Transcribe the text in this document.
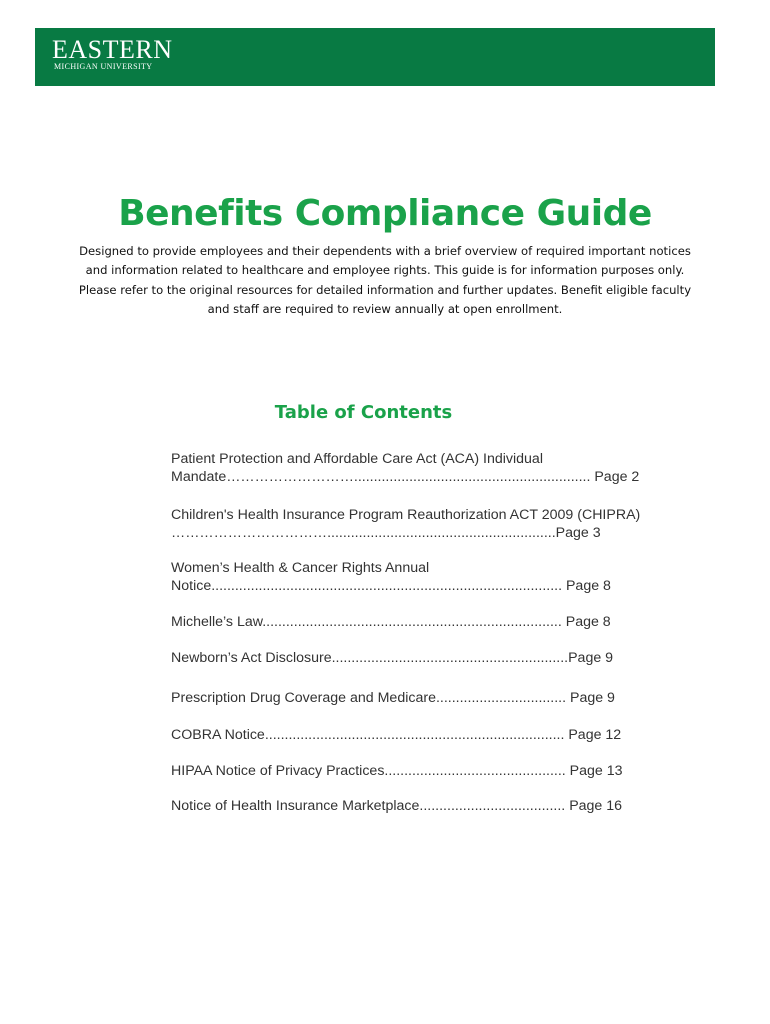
EASTERN
MICHIGAN UNIVERSITY
Benefits Compliance Guide

Designed to provide employees and their dependents with a brief overview of required important notices
and information related to healthcare and employee rights. This guide is for information purposes only.
Please refer to the original resources for detailed information and further updates. Benefit eligible faculty
and staff are required to review annually at open enrollment.

Table of Contents
Patient Protection and Affordable Care Act (ACA) Individual
Mandate………………………............................................................ Page 2
Children's Health Insurance Program Reauthorization ACT 2009 (CHIPRA)
……………………………..........................................................Page 3
Women’s Health & Cancer Rights Annual
Notice......................................................................................... Page 8
Michelle’s Law............................................................................ Page 8
Newborn’s Act Disclosure............................................................Page 9
Prescription Drug Coverage and Medicare................................. Page 9
COBRA Notice............................................................................ Page 12
HIPAA Notice of Privacy Practices.............................................. Page 13
Notice of Health Insurance Marketplace..................................... Page 16
